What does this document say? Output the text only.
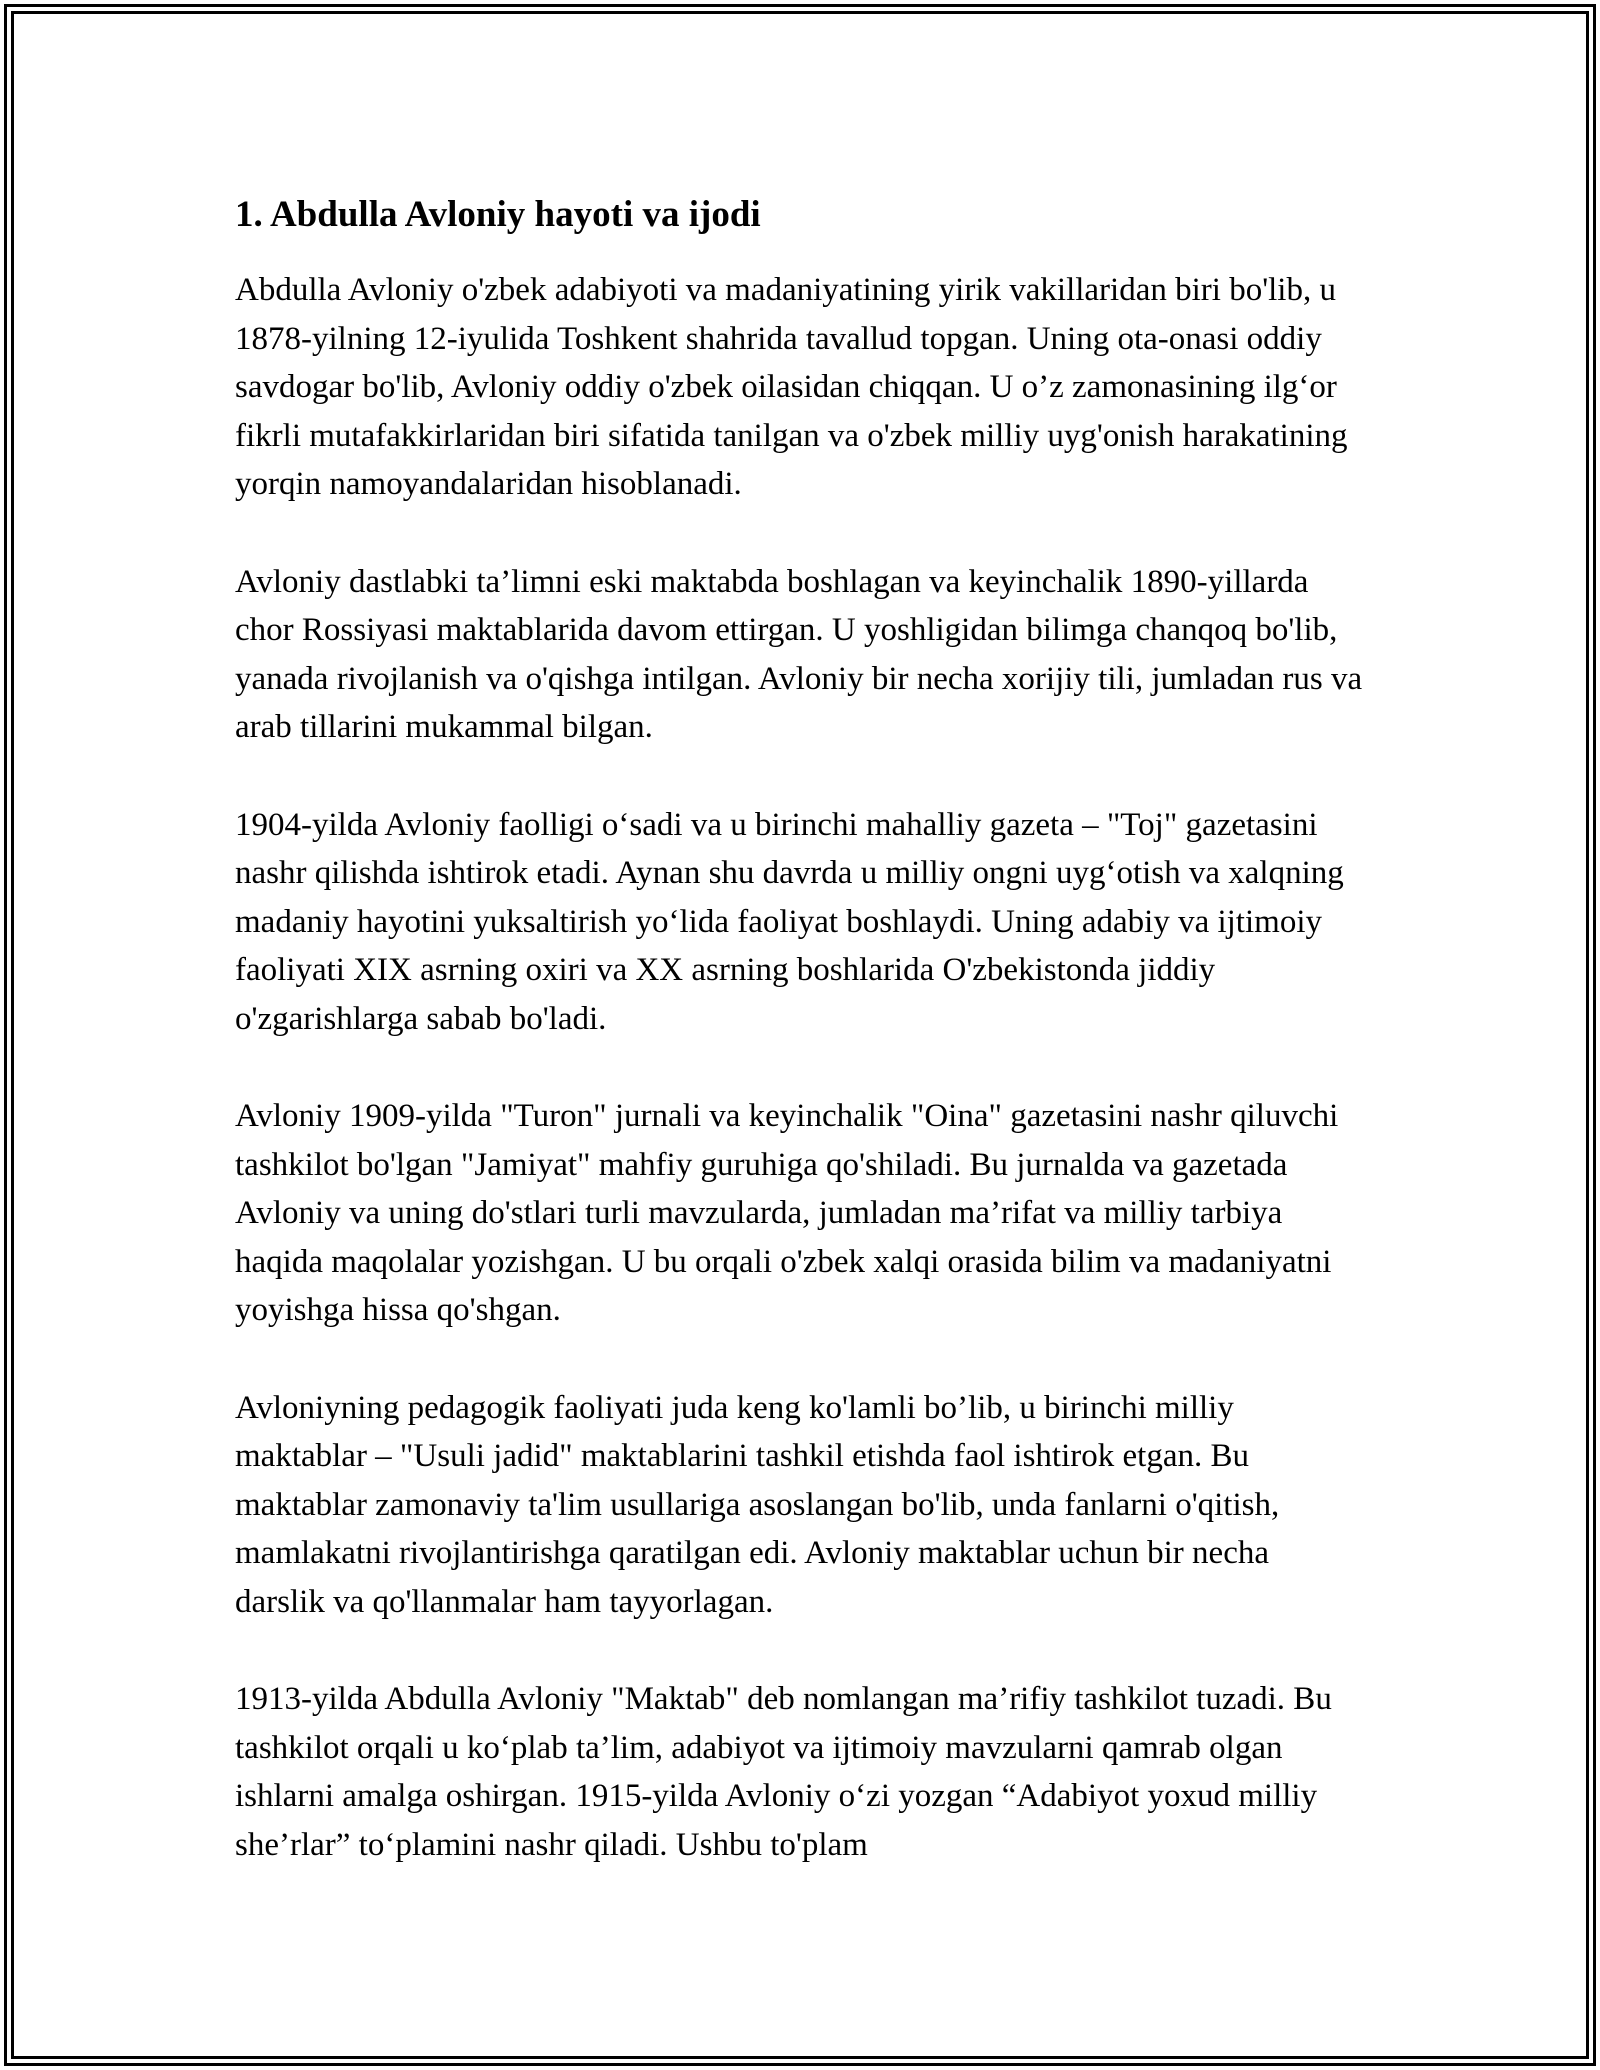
1. Abdulla Avloniy hayoti va ijodi

Abdulla Avloniy o'zbek adabiyoti va madaniyatining yirik vakillaridan biri bo'lib, u 1878-yilning 12-iyulida Toshkent shahrida tavallud topgan. Uning ota-onasi oddiy savdogar bo'lib, Avloniy oddiy o'zbek oilasidan chiqqan. U o’z zamonasining ilg‘or fikrli mutafakkirlaridan biri sifatida tanilgan va o'zbek milliy uyg'onish harakatining yorqin namoyandalaridan hisoblanadi.

Avloniy dastlabki ta’limni eski maktabda boshlagan va keyinchalik 1890-yillarda chor Rossiyasi maktablarida davom ettirgan. U yoshligidan bilimga chanqoq bo'lib, yanada rivojlanish va o'qishga intilgan. Avloniy bir necha xorijiy tili, jumladan rus va arab tillarini mukammal bilgan.

1904-yilda Avloniy faolligi o‘sadi va u birinchi mahalliy gazeta – "Toj" gazetasini nashr qilishda ishtirok etadi. Aynan shu davrda u milliy ongni uyg‘otish va xalqning madaniy hayotini yuksaltirish yo‘lida faoliyat boshlaydi. Uning adabiy va ijtimoiy faoliyati XIX asrning oxiri va XX asrning boshlarida O'zbekistonda jiddiy o'zgarishlarga sabab bo'ladi.

Avloniy 1909-yilda "Turon" jurnali va keyinchalik "Oina" gazetasini nashr qiluvchi tashkilot bo'lgan "Jamiyat" mahfiy guruhiga qo'shiladi. Bu jurnalda va gazetada Avloniy va uning do'stlari turli mavzularda, jumladan ma’rifat va milliy tarbiya haqida maqolalar yozishgan. U bu orqali o'zbek xalqi orasida bilim va madaniyatni yoyishga hissa qo'shgan.

Avloniyning pedagogik faoliyati juda keng ko'lamli bo’lib, u birinchi milliy maktablar – "Usuli jadid" maktablarini tashkil etishda faol ishtirok etgan. Bu maktablar zamonaviy ta'lim usullariga asoslangan bo'lib, unda fanlarni o'qitish, mamlakatni rivojlantirishga qaratilgan edi. Avloniy maktablar uchun bir necha darslik va qo'llanmalar ham tayyorlagan.

1913-yilda Abdulla Avloniy "Maktab" deb nomlangan ma’rifiy tashkilot tuzadi. Bu tashkilot orqali u ko‘plab ta’lim, adabiyot va ijtimoiy mavzularni qamrab olgan ishlarni amalga oshirgan. 1915-yilda Avloniy o‘zi yozgan “Adabiyot yoxud milliy she’rlar” to‘plamini nashr qiladi. Ushbu to'plam
